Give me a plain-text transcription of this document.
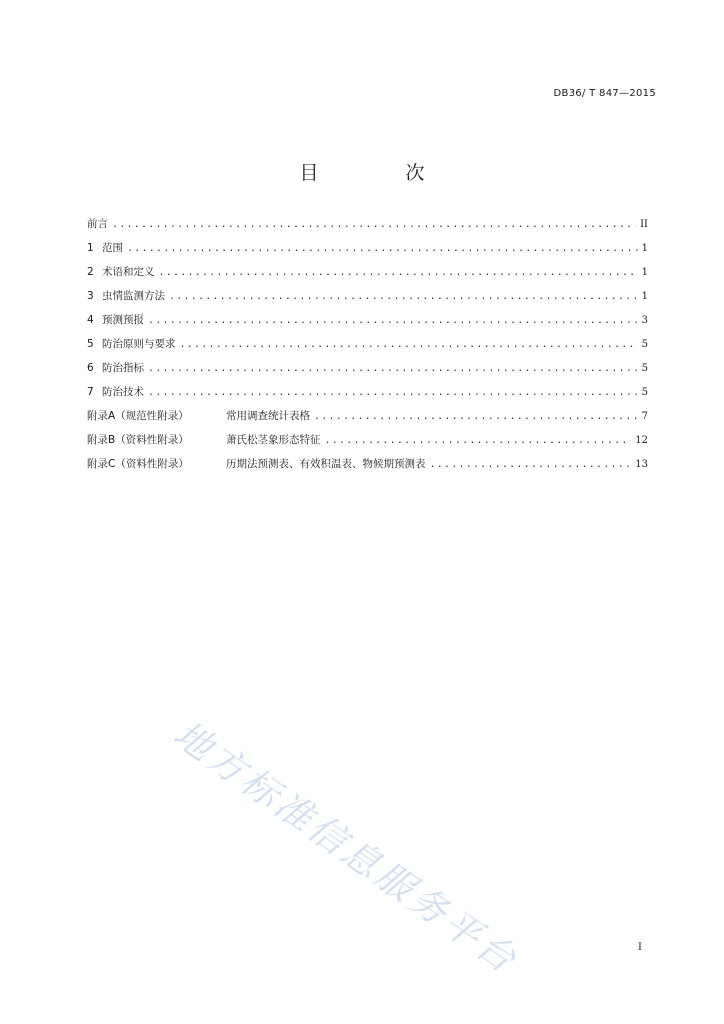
DB36/ T 847—2015
目　次
前言 . . .	II
1 范围 . . .	1
2 术语和定义 . . .	1
3 虫情监测方法 . . .	1
4 预测预报 . . .	3
5 防治原则与要求 . . .	5
6 防治指标 . . .	5
7 防治技术 . . .	5
附录A（规范性附录）	常用调查统计表格 . . .	7
附录B（资料性附录）	萧氏松茎象形态特征 . . .	12
附录C（资料性附录）	历期法预测表、有效积温表、物候期预测表 . . .	13
地方标准信息服务平台	I
